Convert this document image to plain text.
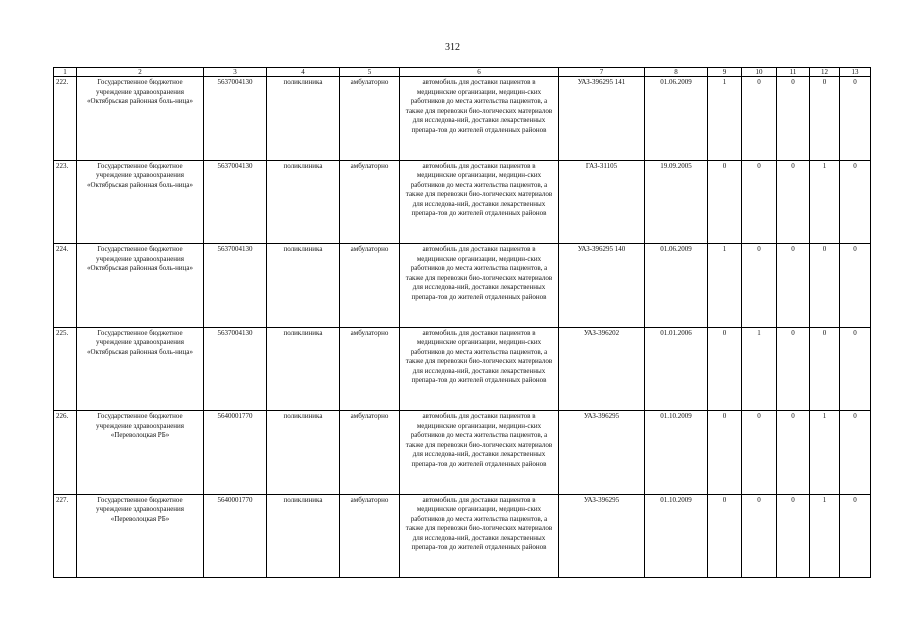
312
1	2	3	4	5	6	7	8	9	10	11	12	13
222.	Государственное бюджетное учреждение здравоохранения «Октябрьская районная боль-ница»	5637004130	поликлиника	амбулаторно	автомобиль для доставки пациентов в медицинские организации, медицин-ских работников до места жительства пациентов, а также для перевозки био-логических материалов для исследова-ний, доставки лекарственных препара-тов до жителей отдаленных районов	УАЗ-396295 141	01.06.2009	1	0	0	0	0
223.	Государственное бюджетное учреждение здравоохранения «Октябрьская районная боль-ница»	5637004130	поликлиника	амбулаторно	автомобиль для доставки пациентов в медицинские организации, медицин-ских работников до места жительства пациентов, а также для перевозки био-логических материалов для исследова-ний, доставки лекарственных препара-тов до жителей отдаленных районов	ГАЗ-31105	19.09.2005	0	0	0	1	0
224.	Государственное бюджетное учреждение здравоохранения «Октябрьская районная боль-ница»	5637004130	поликлиника	амбулаторно	автомобиль для доставки пациентов в медицинские организации, медицин-ских работников до места жительства пациентов, а также для перевозки био-логических материалов для исследова-ний, доставки лекарственных препара-тов до жителей отдаленных районов	УАЗ-396295 140	01.06.2009	1	0	0	0	0
225.	Государственное бюджетное учреждение здравоохранения «Октябрьская районная боль-ница»	5637004130	поликлиника	амбулаторно	автомобиль для доставки пациентов в медицинские организации, медицин-ских работников до места жительства пациентов, а также для перевозки био-логических материалов для исследова-ний, доставки лекарственных препара-тов до жителей отдаленных районов	УАЗ-396202	01.01.2006	0	1	0	0	0
226.	Государственное бюджетное учреждение здравоохранения «Переволоцкая РБ»	5640001770	поликлиника	амбулаторно	автомобиль для доставки пациентов в медицинские организации, медицин-ских работников до места жительства пациентов, а также для перевозки био-логических материалов для исследова-ний, доставки лекарственных препара-тов до жителей отдаленных районов	УАЗ-396295	01.10.2009	0	0	0	1	0
227.	Государственное бюджетное учреждение здравоохранения «Переволоцкая РБ»	5640001770	поликлиника	амбулаторно	автомобиль для доставки пациентов в медицинские организации, медицин-ских работников до места жительства пациентов, а также для перевозки био-логических материалов для исследова-ний, доставки лекарственных препара-тов до жителей отдаленных районов	УАЗ-396295	01.10.2009	0	0	0	1	0
